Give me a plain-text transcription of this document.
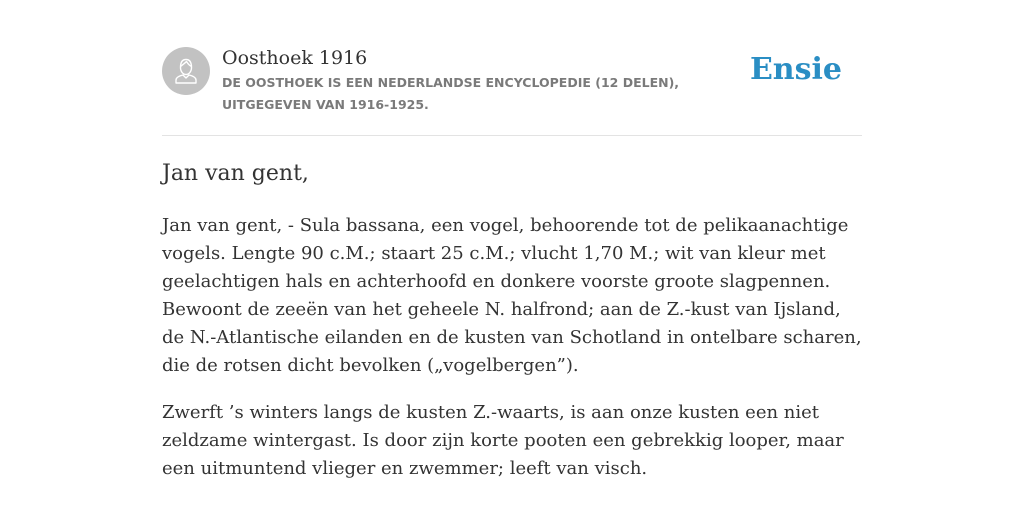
Oosthoek 1916
DE OOSTHOEK IS EEN NEDERLANDSE ENCYCLOPEDIE (12 DELEN), UITGEGEVEN VAN 1916-1925.
Ensie
Jan van gent,

Jan van gent, - Sula bassana, een vogel, behoorende tot de pelikaanachtige vogels. Lengte 90 c.M.; staart 25 c.M.; vlucht 1,70 M.; wit van kleur met geelachtigen hals en achterhoofd en donkere voorste groote slagpennen. Bewoont de zeeën van het geheele N. halfrond; aan de Z.-kust van Ijsland, de N.-Atlantische eilanden en de kusten van Schotland in ontelbare scharen, die de rotsen dicht bevolken („vogelbergen”).

Zwerft ’s winters langs de kusten Z.-waarts, is aan onze kusten een niet zeldzame wintergast. Is door zijn korte pooten een gebrekkig looper, maar een uitmuntend vlieger en zwemmer; leeft van visch.
